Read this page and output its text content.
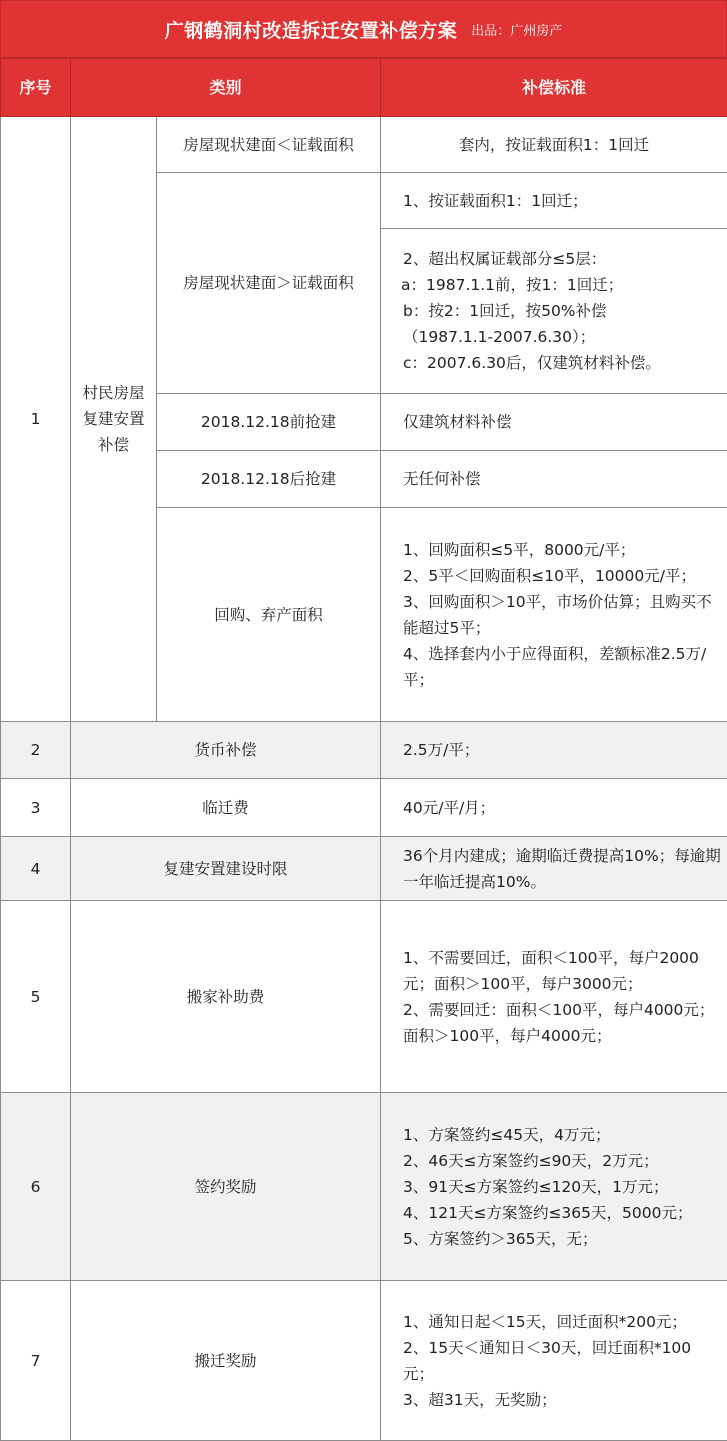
广钢鹤洞村改造拆迁安置补偿方案 出品：广州房产
序号	类别		补偿标准
1	村民房屋复建安置补偿	房屋现状建面＜证载面积	套内，按证载面积1：1回迁

		房屋现状建面＞证载面积	1、按证载面积1：1回迁；

			2、超出权属证载部分≤5层：
a：1987.1.1前，按1：1回迁；
b：按2：1回迁，按50%补偿
（1987.1.1-2007.6.30）；
c：2007.6.30后，仅建筑材料补偿。

		2018.12.18前抢建	仅建筑材料补偿

		2018.12.18后抢建	无任何补偿

		回购、弃产面积	1、回购面积≤5平，8000元/平；
2、5平＜回购面积≤10平，10000元/平；
3、回购面积＞10平，市场价估算；且购买不能超过5平；
4、选择套内小于应得面积，差额标准2.5万/平；

2	货币补偿		2.5万/平；

3	临迁费		40元/平/月；

4	复建安置建设时限		36个月内建成；逾期临迁费提高10%；每逾期一年临迁提高10%。

5	搬家补助费		1、不需要回迁，面积＜100平，每户2000元；面积＞100平，每户3000元；
2、需要回迁：面积＜100平，每户4000元；面积＞100平，每户4000元；

6	签约奖励		1、方案签约≤45天，4万元；
2、46天≤方案签约≤90天，2万元；
3、91天≤方案签约≤120天，1万元；
4、121天≤方案签约≤365天，5000元；
5、方案签约＞365天，无；

7	搬迁奖励		1、通知日起＜15天，回迁面积*200元；
2、15天＜通知日＜30天，回迁面积*100元；
3、超31天，无奖励；
